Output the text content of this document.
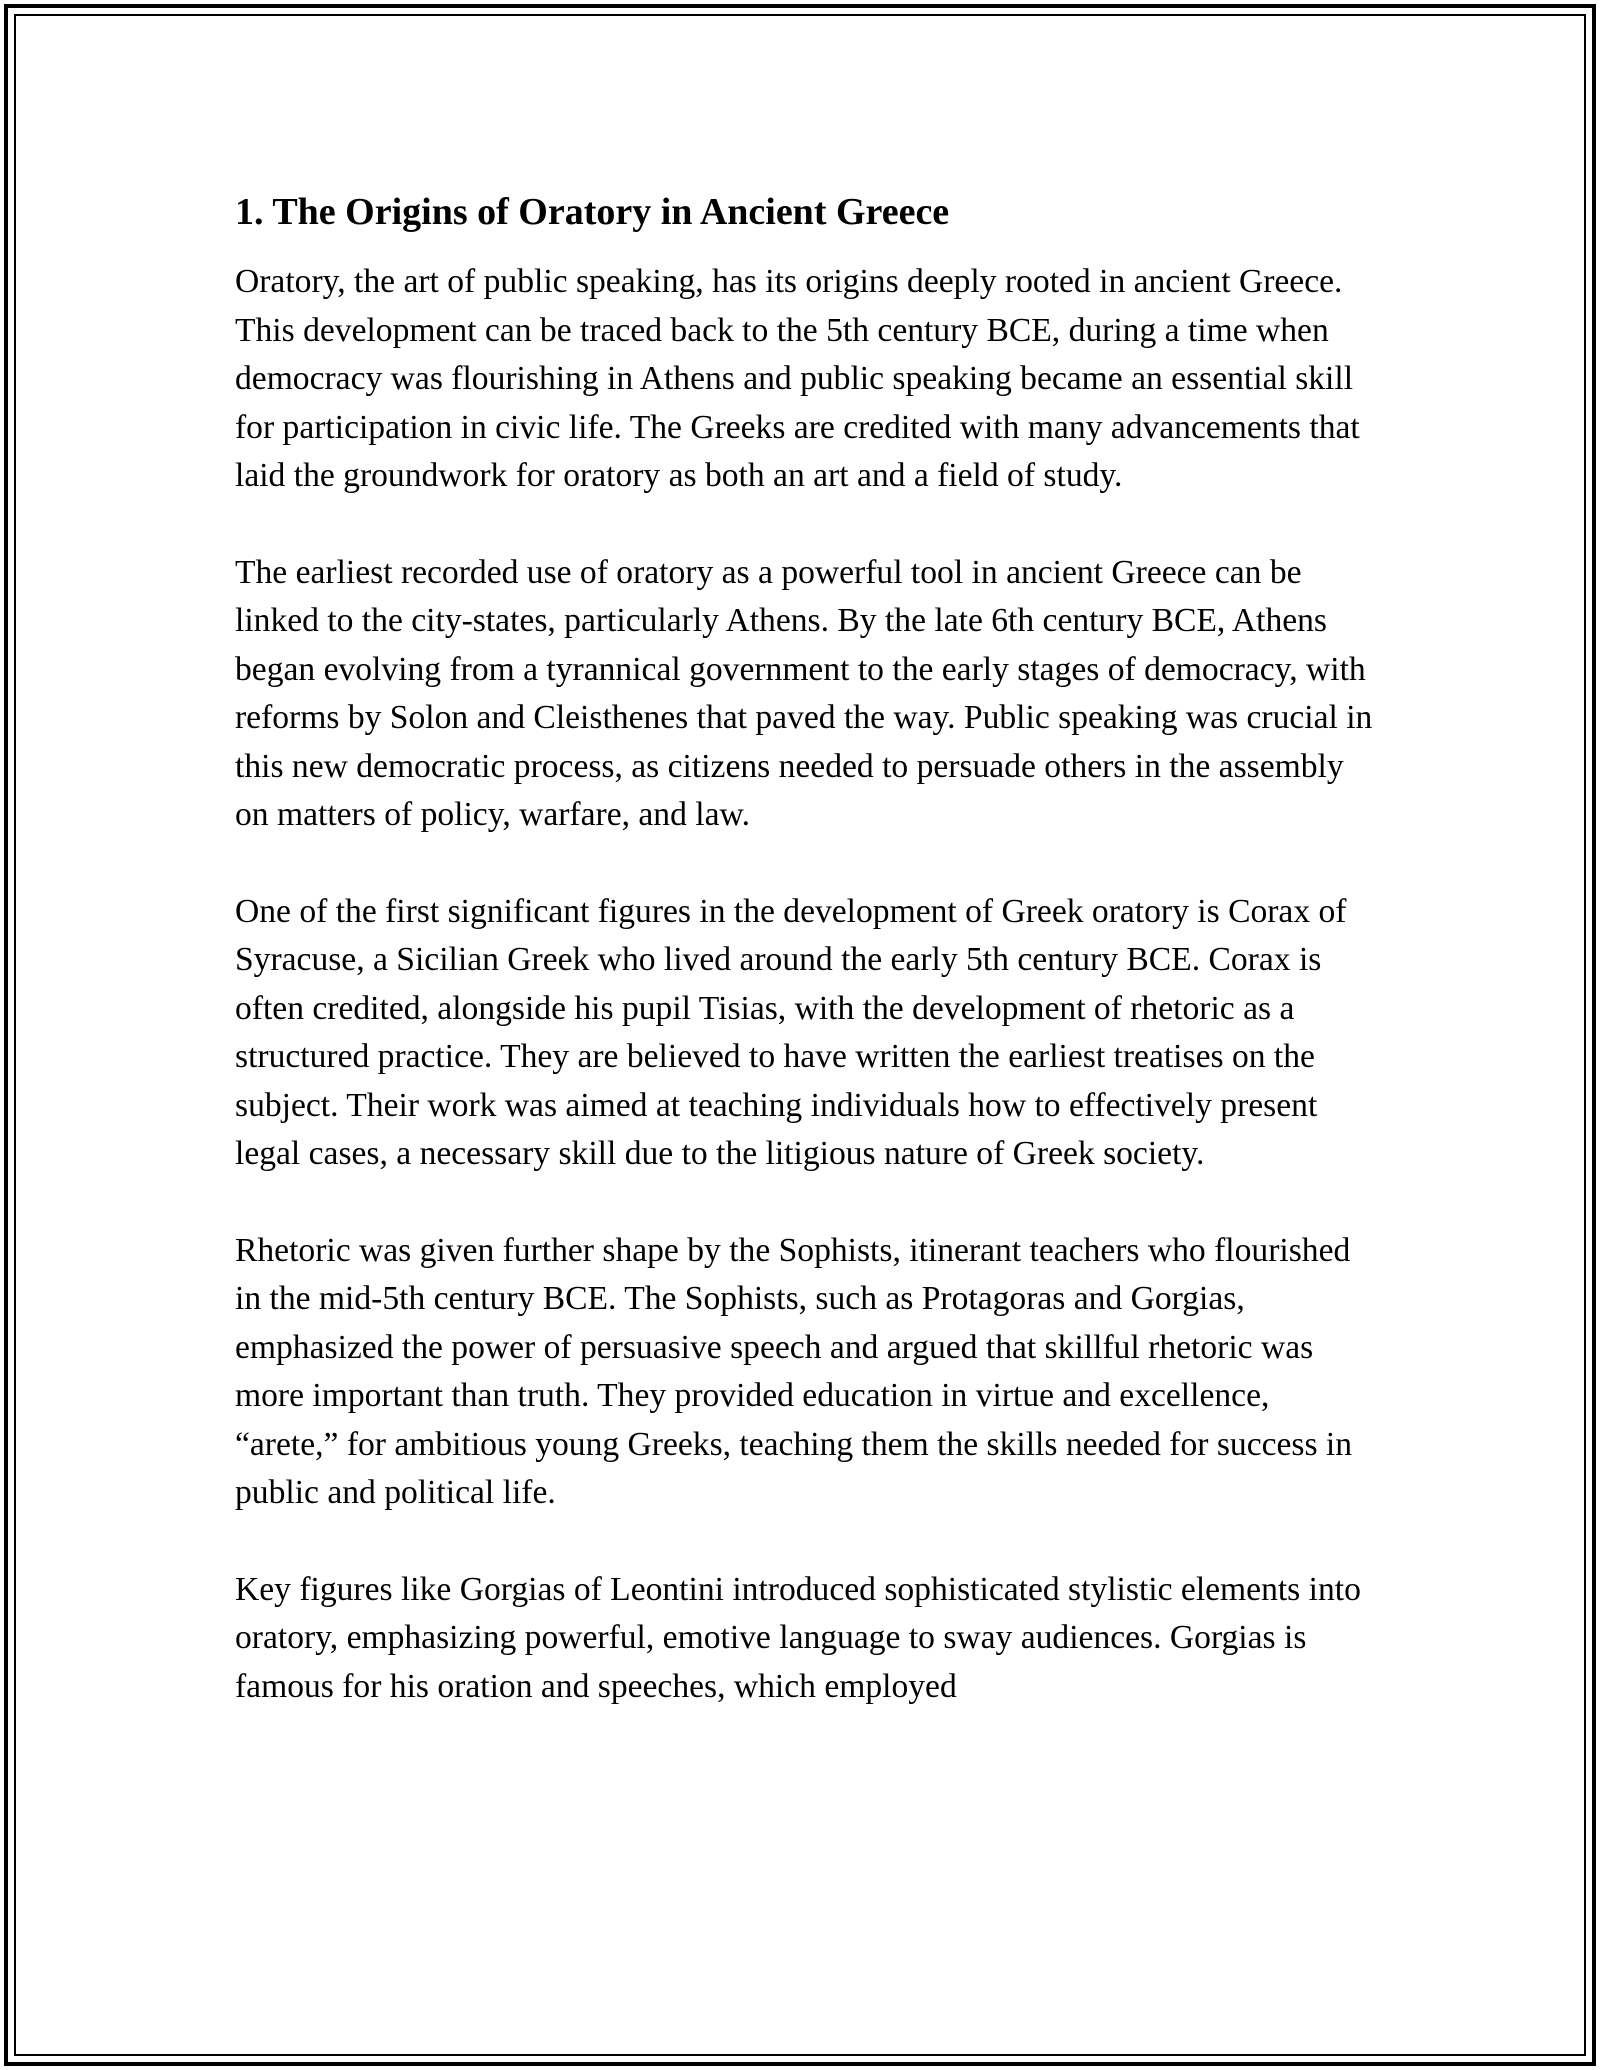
1. The Origins of Oratory in Ancient Greece

Oratory, the art of public speaking, has its origins deeply rooted in ancient Greece. This development can be traced back to the 5th century BCE, during a time when democracy was flourishing in Athens and public speaking became an essential skill for participation in civic life. The Greeks are credited with many advancements that laid the groundwork for oratory as both an art and a field of study.

The earliest recorded use of oratory as a powerful tool in ancient Greece can be linked to the city-states, particularly Athens. By the late 6th century BCE, Athens began evolving from a tyrannical government to the early stages of democracy, with reforms by Solon and Cleisthenes that paved the way. Public speaking was crucial in this new democratic process, as citizens needed to persuade others in the assembly on matters of policy, warfare, and law.

One of the first significant figures in the development of Greek oratory is Corax of Syracuse, a Sicilian Greek who lived around the early 5th century BCE. Corax is often credited, alongside his pupil Tisias, with the development of rhetoric as a structured practice. They are believed to have written the earliest treatises on the subject. Their work was aimed at teaching individuals how to effectively present legal cases, a necessary skill due to the litigious nature of Greek society.

Rhetoric was given further shape by the Sophists, itinerant teachers who flourished in the mid-5th century BCE. The Sophists, such as Protagoras and Gorgias, emphasized the power of persuasive speech and argued that skillful rhetoric was more important than truth. They provided education in virtue and excellence, “arete,” for ambitious young Greeks, teaching them the skills needed for success in public and political life.

Key figures like Gorgias of Leontini introduced sophisticated stylistic elements into oratory, emphasizing powerful, emotive language to sway audiences. Gorgias is famous for his oration and speeches, which employed
